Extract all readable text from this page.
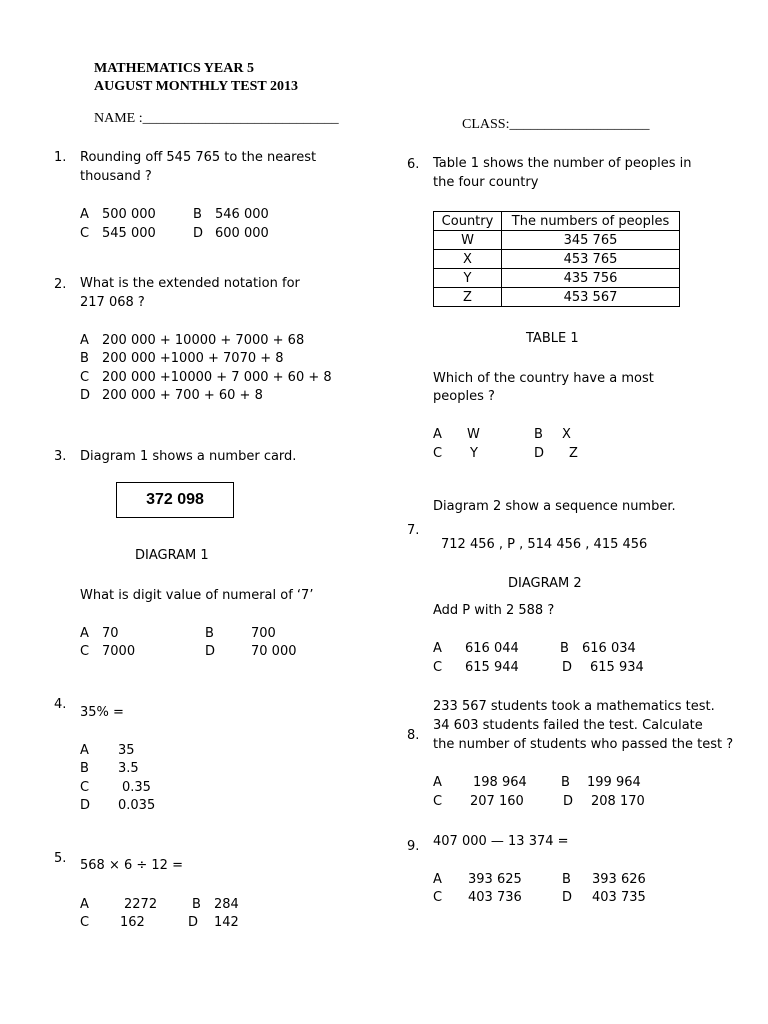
MATHEMATICS YEAR 5
AUGUST MONTHLY TEST 2013
NAME :____________________________	CLASS:____________________
1. Rounding off 545 765 to the nearest
thousand ?
A 500 000	B 546 000
C 545 000	D 600 000
2. What is the extended notation for
217 068 ?
A 200 000 + 10000 + 7000 + 68
B 200 000 +1000 + 7070 + 8
C 200 000 +10000 + 7 000 + 60 + 8
D 200 000 + 700 + 60 + 8
3. Diagram 1 shows a number card.
372 098
DIAGRAM 1
What is digit value of numeral of ‘7’
A 70	B	700
C 7000	D	70 000
4.
35% =
A 35
B 3.5
C	0.35
D 0.035
5. 568 × 6 ÷ 12 =
A	2272	B 284
C 162	D 142
6. Table 1 shows the number of peoples in
the four country
Country	The numbers of peoples
W	345 765
X	453 765
Y	435 756
Z	453 567
TABLE 1
Which of the country have a most
peoples ?
A W	B X
C Y	D Z
Diagram 2 show a sequence number.
7.
712 456 , P , 514 456 , 415 456
DIAGRAM 2
Add P with 2 588 ?
A 616 044	B 616 034
C 615 944	D 615 934
233 567 students took a mathematics test.
34 603 students failed the test. Calculate
8.
the number of students who passed the test ?
A 198 964	B 199 964
C 207 160	D 208 170
407 000 — 13 374 =
9.
A 393 625	B 393 626
C 403 736	D 403 735
